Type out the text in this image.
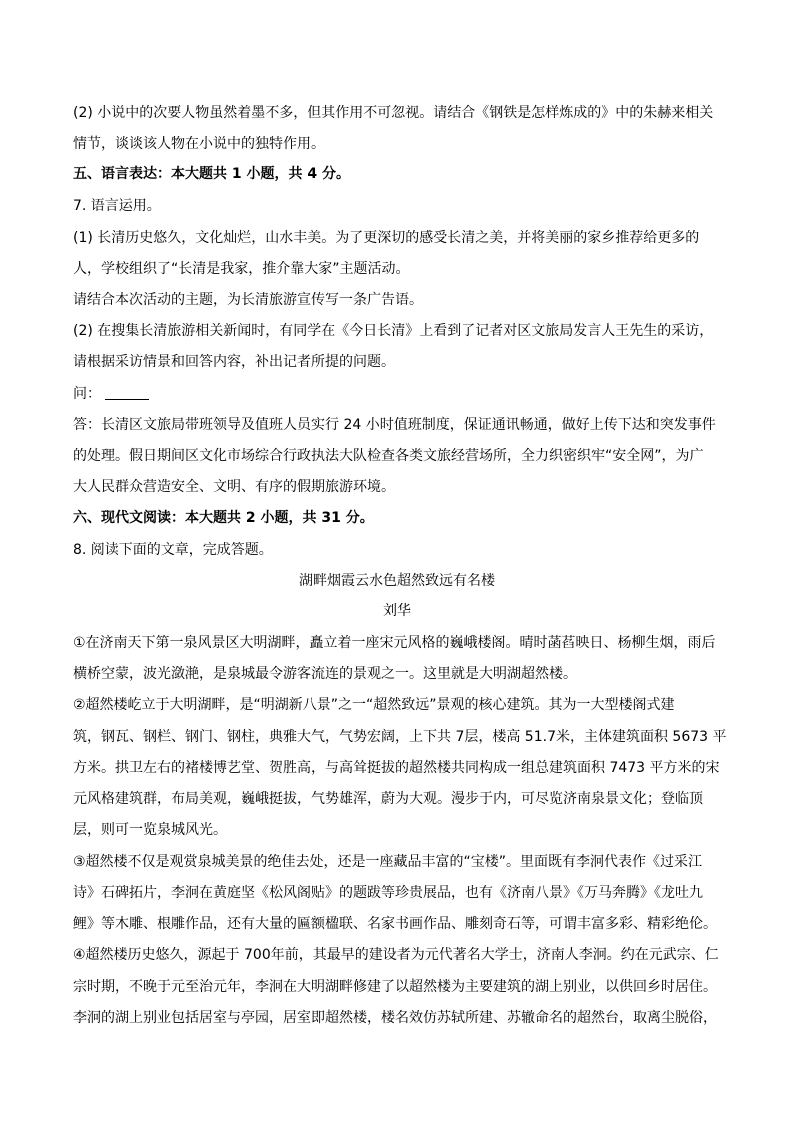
(2) 小说中的次要人物虽然着墨不多，但其作用不可忽视。请结合《钢铁是怎样炼成的》中的朱赫来相关
情节，谈谈该人物在小说中的独特作用。
五、语言表达：本大题共 1 小题，共 4 分。
7. 语言运用。
(1) 长清历史悠久，文化灿烂，山水丰美。为了更深切的感受长清之美，并将美丽的家乡推荐给更多的
人，学校组织了“长清是我家，推介靠大家”主题活动。
请结合本次活动的主题，为长清旅游宣传写一条广告语。
(2) 在搜集长清旅游相关新闻时，有同学在《今日长清》上看到了记者对区文旅局发言人王先生的采访，
请根据采访情景和回答内容，补出记者所提的问题。
问：
答：长清区文旅局带班领导及值班人员实行 24 小时值班制度，保证通讯畅通，做好上传下达和突发事件
的处理。假日期间区文化市场综合行政执法大队检查各类文旅经营场所，全力织密织牢“安全网”，为广
大人民群众营造安全、文明、有序的假期旅游环境。
六、现代文阅读：本大题共 2 小题，共 31 分。
8. 阅读下面的文章，完成答题。
湖畔烟霞云水色超然致远有名楼
刘华
①在济南天下第一泉风景区大明湖畔，矗立着一座宋元风格的巍峨楼阁。晴时菡萏映日、杨柳生烟，雨后
横桥空蒙，波光潋滟，是泉城最令游客流连的景观之一。这里就是大明湖超然楼。
②超然楼屹立于大明湖畔，是“明湖新八景”之一“超然致远”景观的核心建筑。其为一大型楼阁式建
筑，钢瓦、钢栏、钢门、钢柱，典雅大气，气势宏阔，上下共 7层，楼高 51.7米，主体建筑面积 5673 平
方米。拱卫左右的褚楼博艺堂、贺胜高，与高耸挺拔的超然楼共同构成一组总建筑面积 7473 平方米的宋
元风格建筑群，布局美观，巍峨挺拔，气势雄浑，蔚为大观。漫步于内，可尽览济南泉景文化；登临顶
层，则可一览泉城风光。
③超然楼不仅是观赏泉城美景的绝佳去处，还是一座藏品丰富的“宝楼”。里面既有李泂代表作《过采江
诗》石碑拓片，李泂在黄庭坚《松风阁贴》的题跋等珍贵展品，也有《济南八景》《万马奔腾》《龙吐九
鲤》等木雕、根雕作品，还有大量的匾额楹联、名家书画作品、雕刻奇石等，可谓丰富多彩、精彩绝伦。
④超然楼历史悠久，源起于 700年前，其最早的建设者为元代著名大学士，济南人李泂。约在元武宗、仁
宗时期，不晚于元至治元年，李泂在大明湖畔修建了以超然楼为主要建筑的湖上别业，以供回乡时居住。
李泂的湖上别业包括居室与亭园，居室即超然楼，楼名效仿苏轼所建、苏辙命名的超然台，取离尘脱俗，
